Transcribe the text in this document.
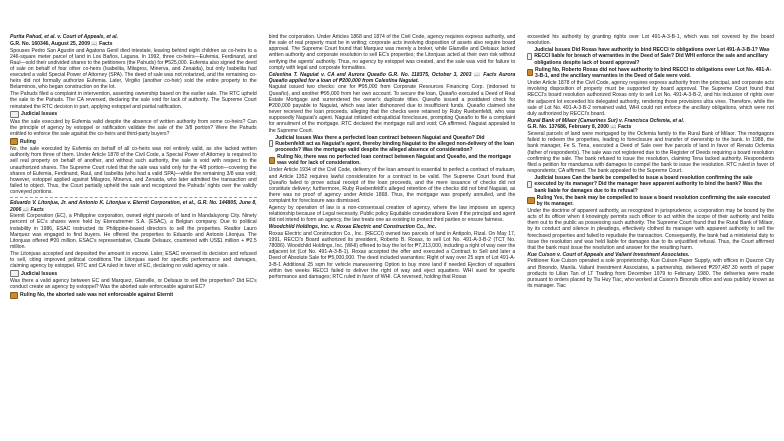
Purita Pahud, et al. v. Court of Appeals, et al.

G.R. No. 160346, August 25, 2009 📖 Facts

Spouses Pedro San Agustin and Agatona Genil died intestate, leaving behind eight children as co-heirs to a 246-square meter parcel of land in Los Baños, Laguna. In 1992, three co-heirs—Eufemia, Ferdinand, and Raul—sold their undivided shares to the petitioners (the Pahuds) for ₱525,000. Eufemia also signed the deed of sale on behalf of four other co-heirs (Isabelita, Milagros, Minerva, and Zenaida), but only Isabelita had executed a valid Special Power of Attorney (SPA). The deed of sale was not notarized, and the remaining co-heirs did not formally authorize Eufemia. Later, Virgilio (another co-heir) sold the entire property to the Belarminos, who began construction on the lot.

The Pahuds filed a complaint in intervention, asserting ownership based on the earlier sale. The RTC upheld the sale to the Pahuds. The CA reversed, declaring the sale void for lack of authority. The Supreme Court reinstated the RTC decision in part, applying estoppel and partial ratification.

Judicial Issues

Was the sale executed by Eufemia valid despite the absence of written authority from some co-heirs? Can the principle of agency by estoppel or ratification validate the sale of the 3/8 portion? Were the Pahuds entitled to enforce the sale against the co-heirs and third-party buyers?

Ruling

No, the sale executed by Eufemia on behalf of all co-heirs was not entirely valid, as she lacked written authority from three of them. Under Article 1878 of the Civil Code, a Special Power of Attorney is required to sell real property on behalf of another, and without such authority, the sale is void with respect to the unauthorized shares. The Supreme Court ruled that the sale was valid only for the 4/8 portion—covering the shares of Eufemia, Ferdinand, Raul, and Isabelita (who had a valid SPA)—while the remaining 3/8 was void; however, estoppel applied against Milagros, Minerva, and Zenaida, who later admitted the transaction and failed to object. Thus, the Court partially upheld the sale and recognized the Pahuds' rights over the validly conveyed portions.

Eduardo V. Litonjua, Jr. and Antonio K. Litonjua v. Eternit Corporation, et al., G.R. No. 144805, June 8, 2006 📖 Facts

Eternit Corporation (EC), a Philippine corporation, owned eight parcels of land in Mandaluyong City. Ninety percent of EC's shares were held by Eteroutremer S.A. (ESAC), a Belgian company. Due to political instability in 1986, ESAC instructed its Philippine-based directors to sell the properties. Realtor Lauro Marquez was engaged to find buyers. He offered the properties to Eduardo and Antonio Litonjua. The Litonjuas offered ₱20 million. ESAC's representative, Claude Delsaux, countered with US$1 million + ₱2.5 million.

The Litonjuas accepted and deposited the amount in escrow. Later, ESAC reversed its decision and refused to sell, citing improved political conditions.The Litonjuas sued for specific performance and damages, claiming agency by estoppel. RTC and CA ruled in favor of EC, declaring no valid agency or sale.

Judicial Issues

Was there a valid agency between EC and Marquez, Glanville, or Delsaux to sell the properties? Did EC's conduct create an agency by estoppel? Was the aborted sale enforceable against EC?

Ruling No, the aborted sale was not enforceable against Eternit

bind the corporation. Under Articles 1868 and 1874 of the Civil Code, agency requires express authority, and the sale of real property must be in writing; corporate acts involving disposition of assets also require board approval. The Supreme Court found that Marquez was merely a broker, while Glanville and Delsaux lacked written authority and corporate resolution to sell EC's properties; the Litonjuas acted at their own risk without verifying the agents' authority. Thus, no agency by estoppel was created, and the sale was void for failure to comply with legal and corporate formalities.

Celestina T. Naguiat v. CA and Aurora Queaño G.R. No. 118375, October 3, 2003 📖 Facts Aurora Queaño applied for a loan of ₱200,000 from Celestina Naguiat.

Naguiat issued two checks: one for ₱95,000 from Corporate Resources Financing Corp. (indorsed to Queaño), and another ₱95,000 from her own account. To secure the loan, Queaño executed a Deed of Real Estate Mortgage and surrendered the owner's duplicate titles. Queaño issued a postdated check for ₱200,000 payable to Naguiat, which was later dishonored due to insufficient funds. Queaño claimed she never received the loan proceeds, alleging that the checks were retained by Ruby Ruebenfeldt, who was supposedly Naguiat's agent. Naguiat initiated extrajudicial foreclosure, prompting Queaño to file a complaint for annulment of the mortgage. RTC declared the mortgage null and void; CA affirmed. Naguiat appealed to the Supreme Court.

Judicial Issues Was there a perfected loan contract between Naguiat and Queaño? Did Ruebenfeldt act as Naguiat's agent, thereby binding Naguiat to the alleged non-delivery of the loan proceeds? Was the mortgage valid despite the alleged absence of consideration?
Ruling No, there was no perfected loan contract between Naguiat and Queaño, and the mortgage was void for lack of consideration.

Under Article 1934 of the Civil Code, delivery of the loan amount is essential to perfect a contract of mutuum, and Article 1352 requires lawful consideration for a contract to be valid. The Supreme Court found that Queaño failed to prove actual receipt of the loan proceeds, and the mere issuance of checks did not constitute delivery; furthermore, Ruby Ruebenfeldt's alleged retention of the checks did not bind Naguiat, as there was no proof of agency under Article 1868. Thus, the mortgage was properly annulled, and the complaint for foreclosure was dismissed.

Agency by operation of law is a non-consensual creation of agency, where the law imposes an agency relationship because of Legal necessity. Public policy Equitable considerations Even if the principal and agent did not intend to form an agency, the law treats one as existing to protect third parties or ensure fairness.

Woodchild Holdings, Inc. v. Roxas Electric and Construction Co., Inc.

Roxas Electric and Construction Co., Inc. (RECCI) owned two parcels of land in Antipolo, Rizal. On May 17, 1991, RECCI's Board authorized its president, Roberto B. Roxas, to sell Lot No. 491-A-3-B-2 (TCT No. 78086). Woodchild Holdings, Inc. (WHI) offered to buy the lot for ₱7,213,000, including a right of way over the adjacent lot (Lot No. 491-A-3-B-1). Roxas accepted the offer and executed a Contract to Sell and later a Deed of Absolute Sale for ₱5,000,000. The deed included warranties: Right of way over 25 sqm of Lot 491-A-3-B-1 Additional 25 sqm for vehicle maneuvering Option to buy more land if needed Ejection of squatters within two weeks RECCI failed to deliver the right of way and eject squatters. WHI sued for specific performance and damages; RTC ruled in favor of WHI. CA reversed, holding that Roxas

exceeded his authority by granting rights over Lot 491-A-3-B-1, which was not covered by the board resolution.

Judicial Issues Did Roxas have authority to bind RECCI to obligations over Lot 491-A-3-B-1? Was RECCI liable for breach of warranties in the Deed of Sale? Did WHI enforce the sale and ancillary obligations despite lack of board approval?
Ruling No, Roberto Roxas did not have authority to bind RECCI to obligations over Lot No. 491-A-3-B-1, and the ancillary warranties in the Deed of Sale were void.

Under Article 1878 of the Civil Code, agency requires express authority from the principal, and corporate acts involving disposition of property must be supported by board approval. The Supreme Court found that RECCI's board resolution authorized Roxas only to sell Lot No. 491-A-3-B-2, and his inclusion of rights over the adjacent lot exceeded his delegated authority, rendering those provisions ultra vires. Therefore, while the sale of Lot No. 491-A-3-B-2 remained valid, WHI could not enforce the ancillary obligations, which were not duly authorized by RECCI's board.

Rural Bank of Milaor (Camarines Sur) v. Francisca Ocfemia, et al.

G.R. No. 137686, February 8, 2000 📖 Facts

Several parcels of land were mortgaged by the Ocfemia family to the Rural Bank of Milaor. The mortgagors failed to redeem the properties, leading to foreclosure and transfer of ownership to the bank. In 1988, the bank manager, Fe S. Tena, executed a Deed of Sale over five parcels of land in favor of Renato Ocfemia (father of respondents). The sale was not registered due to the Register of Deeds requiring a board resolution confirming the sale. The bank refused to issue the resolution, claiming Tena lacked authority. Respondents filed a petition for mandamus with damages to compel the bank to issue the resolution. RTC ruled in favor of respondents; CA affirmed. The bank appealed to the Supreme Court.

Judicial Issues Can the bank be compelled to issue a board resolution confirming the sale executed by its manager? Did the manager have apparent authority to bind the bank? Was the bank liable for damages due to its refusal?
Ruling Yes, the bank may be compelled to issue a board resolution confirming the sale executed by its manager.

Under the doctrine of apparent authority, as recognized in jurisprudence, a corporation may be bound by the acts of its officer when it knowingly permits such officer to act within the scope of their authority and holds them out to the public as possessing such authority. The Supreme Court found that the Rural Bank of Milaor, by its conduct and silence in pleadings, effectively clothed its manager with apparent authority to sell the foreclosed properties and failed to repudiate the transaction. Consequently, the bank had a ministerial duty to issue the resolution and was held liable for damages due to its unjustified refusal. Thus, the Court affirmed that the bank must issue the resolution and answer for the resulting harm.

Kue Cuison v. Court of Appeals and Valiant Investment Associates.

Petitioner Kue Cuison operated a sole proprietorship, Kue Cuison Paper Supply, with offices in Quezon City and Binondo, Manila. Valiant Investment Associates, a partnership, delivered ₱297,487.30 worth of paper products to Lilian Tan of LT Trading from December 1979 to February 1980. The deliveries were made pursuant to orders placed by Tiu Huy Tiac, who worked at Cuison's Binondo office and was publicly known as its manager. Tiac
